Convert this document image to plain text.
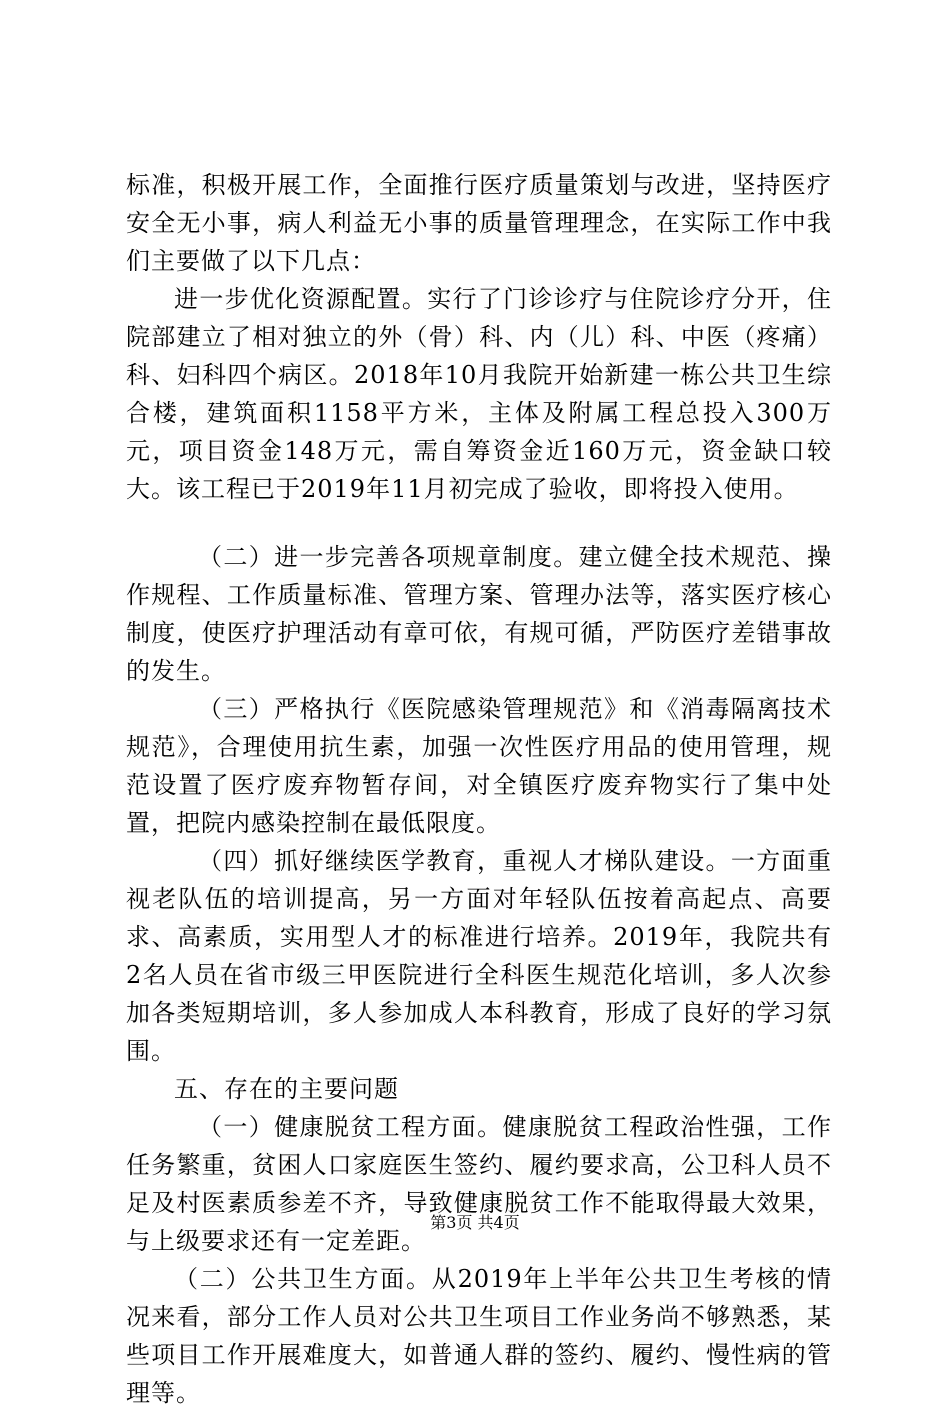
标准，积极开展工作，全面推行医疗质量策划与改进，坚持医疗安全无小事，病人利益无小事的质量管理理念，在实际工作中我们主要做了以下几点：

进一步优化资源配置。实行了门诊诊疗与住院诊疗分开，住院部建立了相对独立的外（骨）科、内（儿）科、中医（疼痛）科、妇科四个病区。2018年10月我院开始新建一栋公共卫生综合楼，建筑面积1158平方米，主体及附属工程总投入300万元，项目资金148万元，需自筹资金近160万元，资金缺口较大。该工程已于2019年11月初完成了验收，即将投入使用。

（二）进一步完善各项规章制度。建立健全技术规范、操作规程、工作质量标准、管理方案、管理办法等，落实医疗核心制度，使医疗护理活动有章可依，有规可循，严防医疗差错事故的发生。

（三）严格执行《医院感染管理规范》和《消毒隔离技术规范》，合理使用抗生素，加强一次性医疗用品的使用管理，规范设置了医疗废弃物暂存间，对全镇医疗废弃物实行了集中处置，把院内感染控制在最低限度。

（四）抓好继续医学教育，重视人才梯队建设。一方面重视老队伍的培训提高，另一方面对年轻队伍按着高起点、高要求、高素质，实用型人才的标准进行培养。2019年，我院共有2名人员在省市级三甲医院进行全科医生规范化培训，多人次参加各类短期培训，多人参加成人本科教育，形成了良好的学习氛围。

五、存在的主要问题

（一）健康脱贫工程方面。健康脱贫工程政治性强，工作任务繁重，贫困人口家庭医生签约、履约要求高，公卫科人员不足及村医素质参差不齐，导致健康脱贫工作不能取得最大效果，与上级要求还有一定差距。

（二）公共卫生方面。从2019年上半年公共卫生考核的情况来看，部分工作人员对公共卫生项目工作业务尚不够熟悉，某些项目工作开展难度大，如普通人群的签约、履约、慢性病的管理等。

第3页 共4页
